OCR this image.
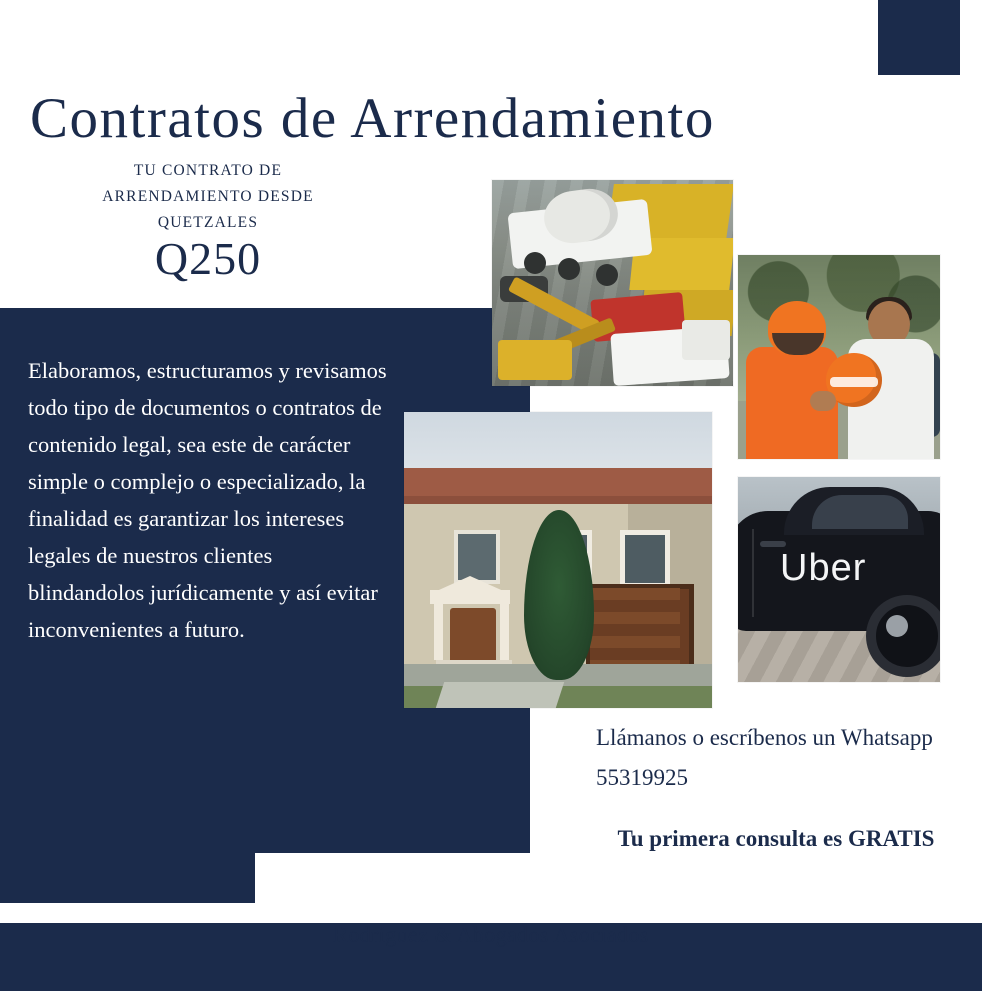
Contratos de Arrendamiento
TU CONTRATO DE ARRENDAMIENTO DESDE QUETZALES
Q250
Elaboramos, estructuramos y revisamos todo tipo de documentos o contratos de contenido legal, sea este de carácter simple o complejo o especializado, la finalidad es garantizar los intereses legales de nuestros clientes blindandolos jurídicamente y así evitar inconvenientes a futuro.
Uber
Llámanos o escríbenos un Whatsapp 55319925
Tu primera consulta es GRATIS
Rodríguez & Abogados Asociados
